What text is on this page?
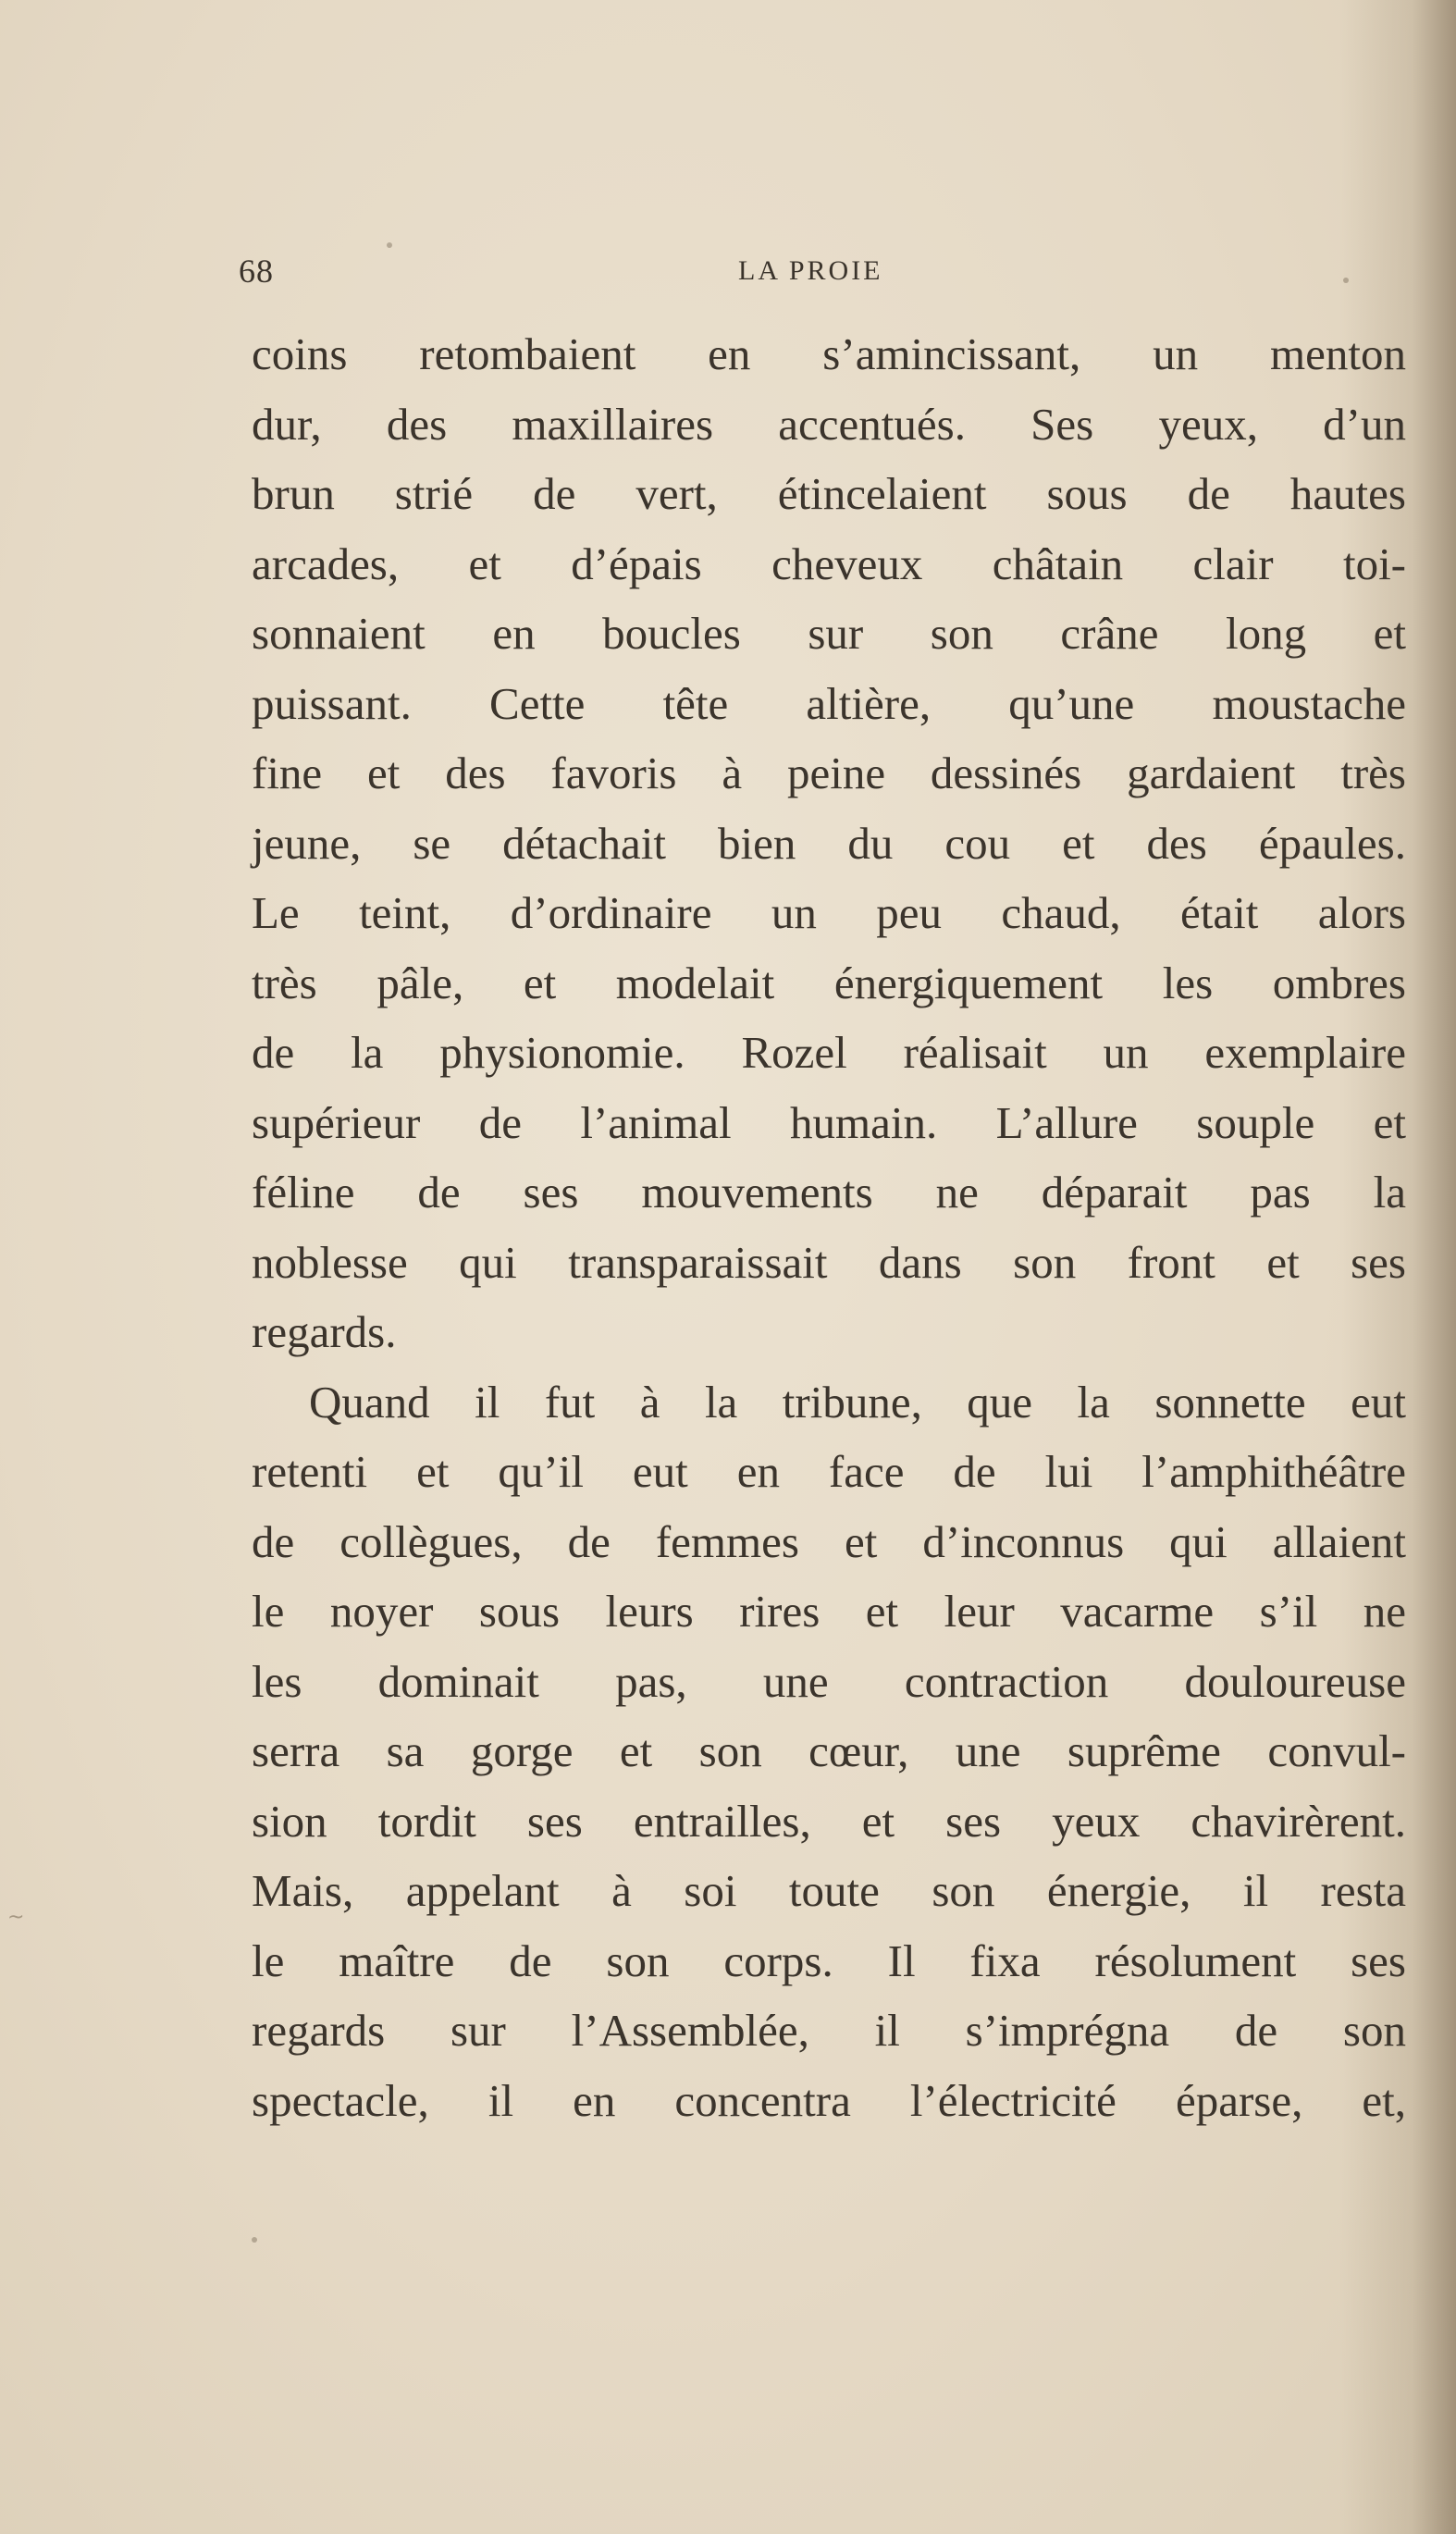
68	LA PROIE
coins retombaient en s’amincissant, un menton
dur, des maxillaires accentués. Ses yeux, d’un
brun strié de vert, étincelaient sous de hautes
arcades, et d’épais cheveux châtain clair toi-
sonnaient en boucles sur son crâne long et
puissant. Cette tête altière, qu’une moustache
fine et des favoris à peine dessinés gardaient très
jeune, se détachait bien du cou et des épaules.
Le teint, d’ordinaire un peu chaud, était alors
très pâle, et modelait énergiquement les ombres
de la physionomie. Rozel réalisait un exemplaire
supérieur de l’animal humain. L’allure souple et
féline de ses mouvements ne déparait pas la
noblesse qui transparaissait dans son front et ses
regards.
Quand il fut à la tribune, que la sonnette eut
retenti et qu’il eut en face de lui l’amphithéâtre
de collègues, de femmes et d’inconnus qui allaient
le noyer sous leurs rires et leur vacarme s’il ne
les dominait pas, une contraction douloureuse
serra sa gorge et son cœur, une suprême convul-
sion tordit ses entrailles, et ses yeux chavirèrent.
Mais, appelant à soi toute son énergie, il resta
le maître de son corps. Il fixa résolument ses
regards sur l’Assemblée, il s’imprégna de son
spectacle, il en concentra l’électricité éparse, et,
~
